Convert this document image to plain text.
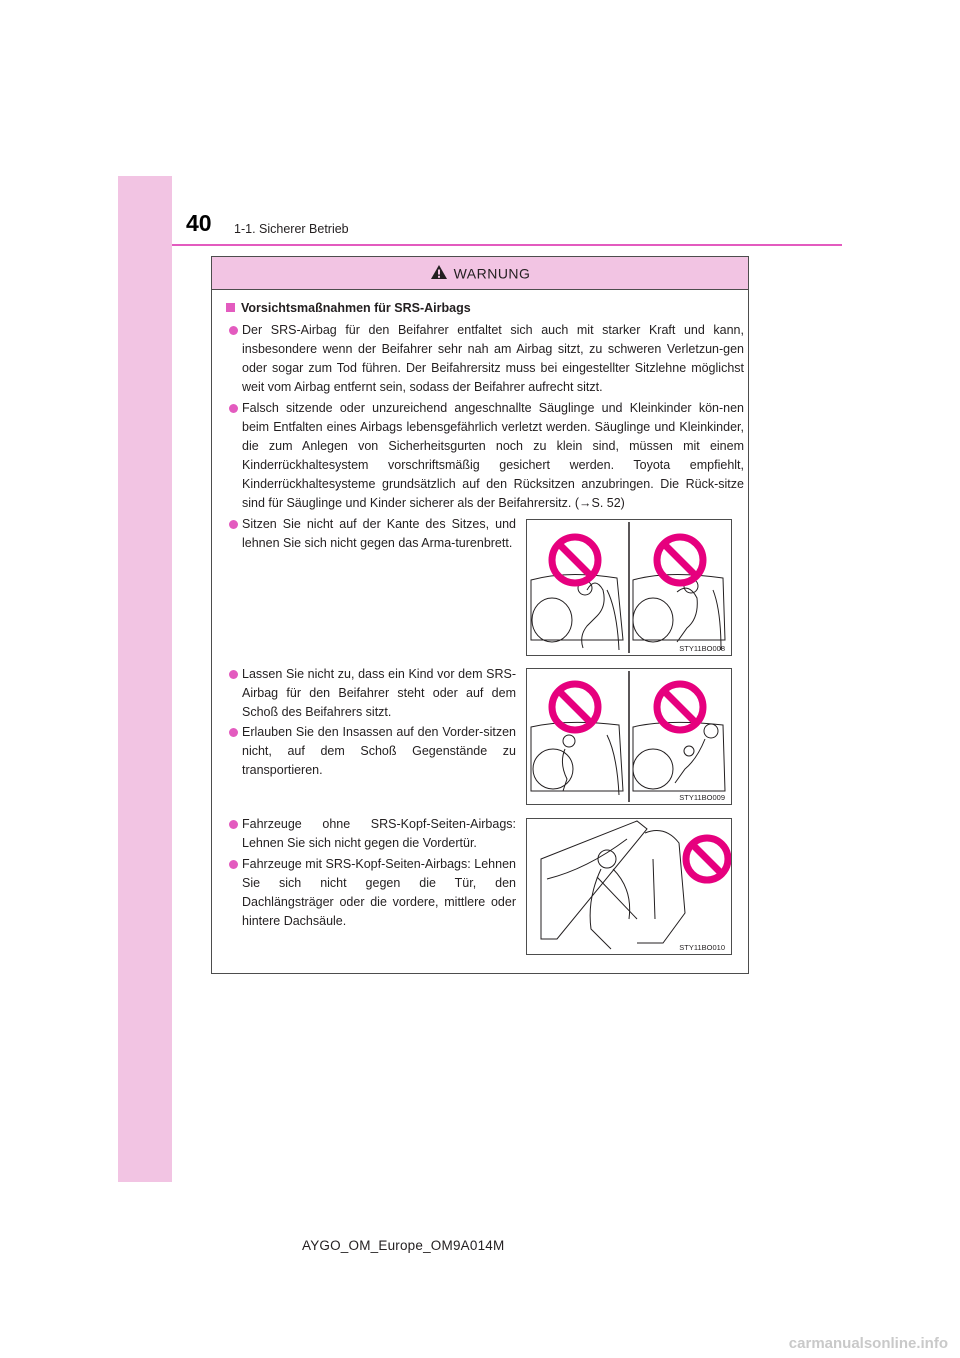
40 1-1. Sicherer Betrieb
WARNUNG
Vorsichtsmaßnahmen für SRS-Airbags
Der SRS-Airbag für den Beifahrer entfaltet sich auch mit starker Kraft und kann, insbesondere wenn der Beifahrer sehr nah am Airbag sitzt, zu schweren Verletzun-gen oder sogar zum Tod führen. Der Beifahrersitz muss bei eingestellter Sitzlehne möglichst weit vom Airbag entfernt sein, sodass der Beifahrer aufrecht sitzt.
Falsch sitzende oder unzureichend angeschnallte Säuglinge und Kleinkinder kön-nen beim Entfalten eines Airbags lebensgefährlich verletzt werden. Säuglinge und Kleinkinder, die zum Anlegen von Sicherheitsgurten noch zu klein sind, müssen mit einem Kinderrückhaltesystem vorschriftsmäßig gesichert werden. Toyota empfiehlt, Kinderrückhaltesysteme grundsätzlich auf den Rücksitzen anzubringen. Die Rück-sitze sind für Säuglinge und Kinder sicherer als der Beifahrersitz. (→S. 52)
Sitzen Sie nicht auf der Kante des Sitzes, und lehnen Sie sich nicht gegen das Arma-turenbrett.
Lassen Sie nicht zu, dass ein Kind vor dem SRS-Airbag für den Beifahrer steht oder auf dem Schoß des Beifahrers sitzt.
Erlauben Sie den Insassen auf den Vorder-sitzen nicht, auf dem Schoß Gegenstände zu transportieren.
Fahrzeuge ohne SRS-Kopf-Seiten-Airbags: Lehnen Sie sich nicht gegen die Vordertür.
Fahrzeuge mit SRS-Kopf-Seiten-Airbags: Lehnen Sie sich nicht gegen die Tür, den Dachlängsträger oder die vordere, mittlere oder hintere Dachsäule.
STY11BO008
STY11BO009
STY11BO010
AYGO_OM_Europe_OM9A014M
carmanualsonline.info
